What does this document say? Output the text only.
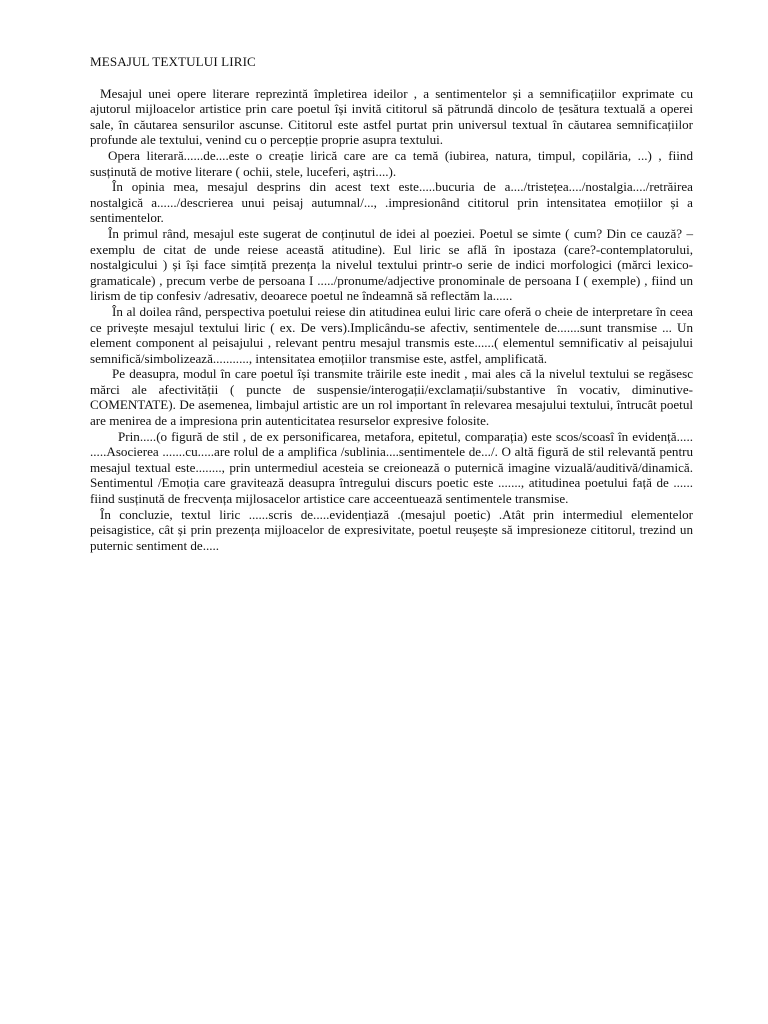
MESAJUL TEXTULUI LIRIC

Mesajul unei opere literare reprezintă împletirea ideilor , a sentimentelor și a semnificațiilor exprimate cu ajutorul mijloacelor artistice prin care poetul își invită cititorul să pătrundă dincolo de țesătura textuală a operei sale, în căutarea sensurilor ascunse. Cititorul este astfel purtat prin universul textual în căutarea semnificațiilor profunde ale textului, venind cu o percepție proprie asupra textului.

Opera literară......de....este o creație lirică care are ca temă (iubirea, natura, timpul, copilăria, ...) , fiind susținută de motive literare ( ochii, stele, luceferi, aștri....).

În opinia mea, mesajul desprins din acest text este.....bucuria de a..../tristețea..../nostalgia..../retrăirea nostalgică a....../descrierea unui peisaj autumnal/..., .impresionând cititorul prin intensitatea emoțiilor și a sentimentelor.

În primul rând, mesajul este sugerat de conținutul de idei al poeziei. Poetul se simte ( cum? Din ce cauză? –exemplu de citat de unde reiese această atitudine). Eul liric se află în ipostaza (care?-contemplatorului, nostalgicului ) și își face simțită prezența la nivelul textului printr-o serie de indici morfologici (mărci lexico-gramaticale) , precum verbe de persoana I ...../pronume/adjective pronominale de persoana I ( exemple) , fiind un lirism de tip confesiv /adresativ, deoarece poetul ne îndeamnă să reflectăm la......

În al doilea rând, perspectiva poetului reiese din atitudinea eului liric care oferă o cheie de interpretare în ceea ce privește mesajul textului liric ( ex. De vers).Implicându-se afectiv, sentimentele de.......sunt transmise ... Un element component al peisajului , relevant pentru mesajul transmis este......( elementul semnificativ al peisajului semnifică/simbolizează..........., intensitatea emoțiilor transmise este, astfel, amplificată.

Pe deasupra, modul în care poetul își transmite trăirile este inedit , mai ales că la nivelul textului se regăsesc mărci ale afectivității ( puncte de suspensie/interogații/exclamații/substantive în vocativ, diminutive-COMENTATE). De asemenea, limbajul artistic are un rol important în relevarea mesajului textului, întrucât poetul are menirea de a impresiona prin autenticitatea resurselor expresive folosite.

Prin.....(o figură de stil , de ex personificarea, metafora, epitetul, comparația) este scos/scoasî în evidență..... .....Asocierea .......cu.....are rolul de a amplifica /sublinia....sentimentele de.../. O altă figură de stil relevantă pentru mesajul textual este........, prin untermediul acesteia se creionează o puternică imagine vizuală/auditivă/dinamică. Sentimentul /Emoția care gravitează deasupra întregului discurs poetic este ......., atitudinea poetului față de ...... fiind susținută de frecvența mijlosacelor artistice care acceentuează sentimentele transmise.

În concluzie, textul liric ......scris de.....evidențiază .(mesajul poetic) .Atât prin intermediul elementelor peisagistice, cât și prin prezența mijloacelor de expresivitate, poetul reușește să impresioneze cititorul, trezind un puternic sentiment de.....
